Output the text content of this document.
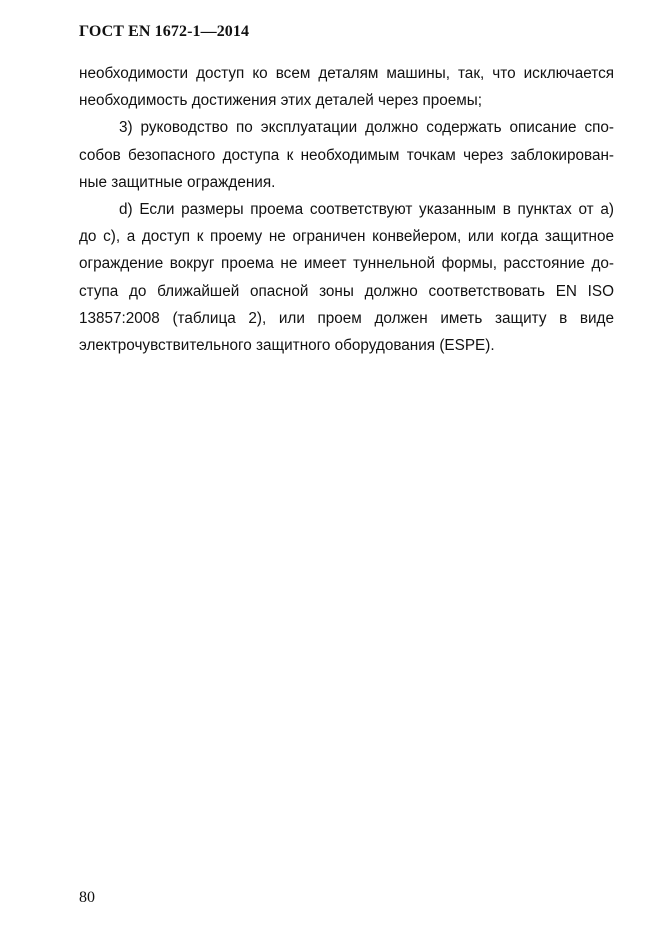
ГОСТ EN 1672-1—2014

необходимости доступ ко всем деталям машины, так, что исключается
необходимость достижения этих деталей через проемы;

3) руководство по эксплуатации должно содержать описание спо-
собов безопасного доступа к необходимым точкам через заблокирован-
ные защитные ограждения.

d) Если размеры проема соответствуют указанным в пунктах от а)
до с), а доступ к проему не ограничен конвейером, или когда защитное
ограждение вокруг проема не имеет туннельной формы, расстояние до-
ступа до ближайшей опасной зоны должно соответствовать EN ISO
13857:2008 (таблица 2), или проем должен иметь защиту в виде
электрочувствительного защитного оборудования (ESPE).

80
